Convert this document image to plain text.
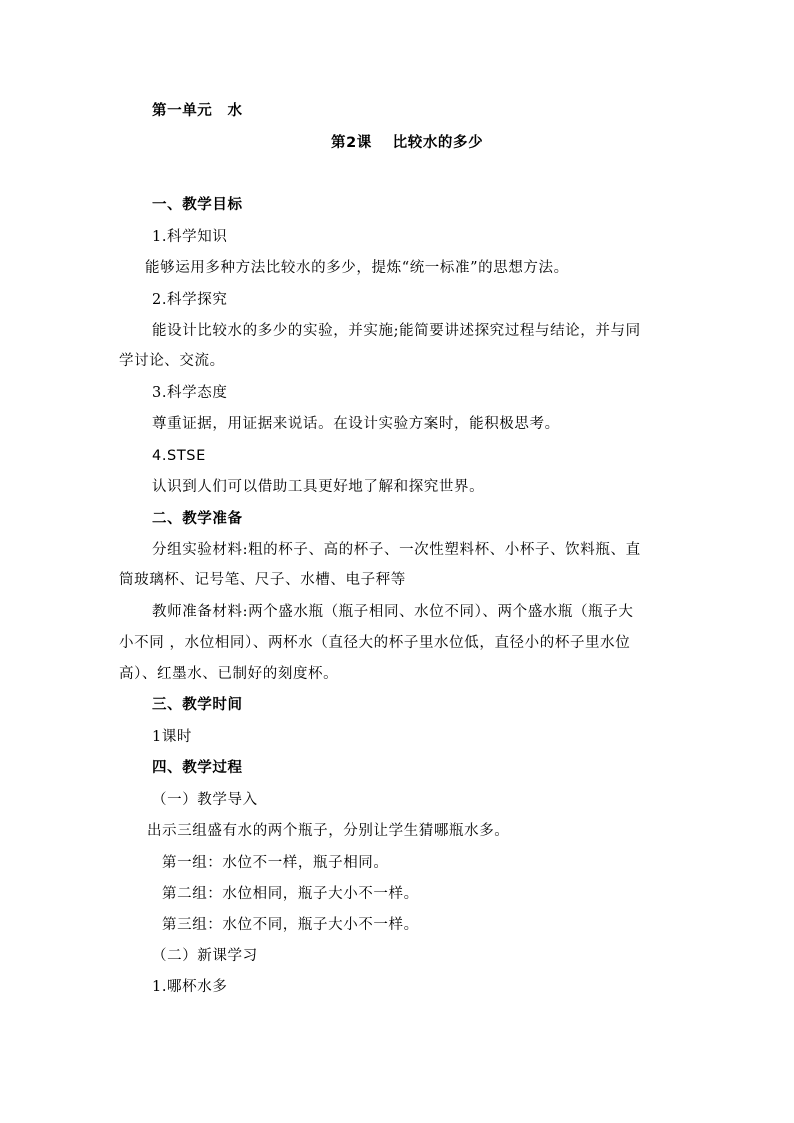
第一单元　水
第2课　 比较水的多少
一、教学目标
1.科学知识
能够运用多种方法比较水的多少，提炼“统一标准”的思想方法。
2.科学探究
能设计比较水的多少的实验，并实施;能简要讲述探究过程与结论，并与同
学讨论、交流。
3.科学态度
尊重证据，用证据来说话。在设计实验方案时，能积极思考。
4.STSE
认识到人们可以借助工具更好地了解和探究世界。
二、教学准备
分组实验材料:粗的杯子、高的杯子、一次性塑料杯、小杯子、饮料瓶、直
筒玻璃杯、记号笔、尺子、水槽、电子秤等
教师准备材料:两个盛水瓶（瓶子相同、水位不同）、两个盛水瓶（瓶子大
小不同 ，水位相同）、两杯水（直径大的杯子里水位低，直径小的杯子里水位
高）、红墨水、已制好的刻度杯。
三、教学时间
1课时
四、教学过程
（一）教学导入
出示三组盛有水的两个瓶子，分别让学生猜哪瓶水多。
第一组：水位不一样，瓶子相同。
第二组：水位相同，瓶子大小不一样。
第三组：水位不同，瓶子大小不一样。
（二）新课学习
1.哪杯水多
